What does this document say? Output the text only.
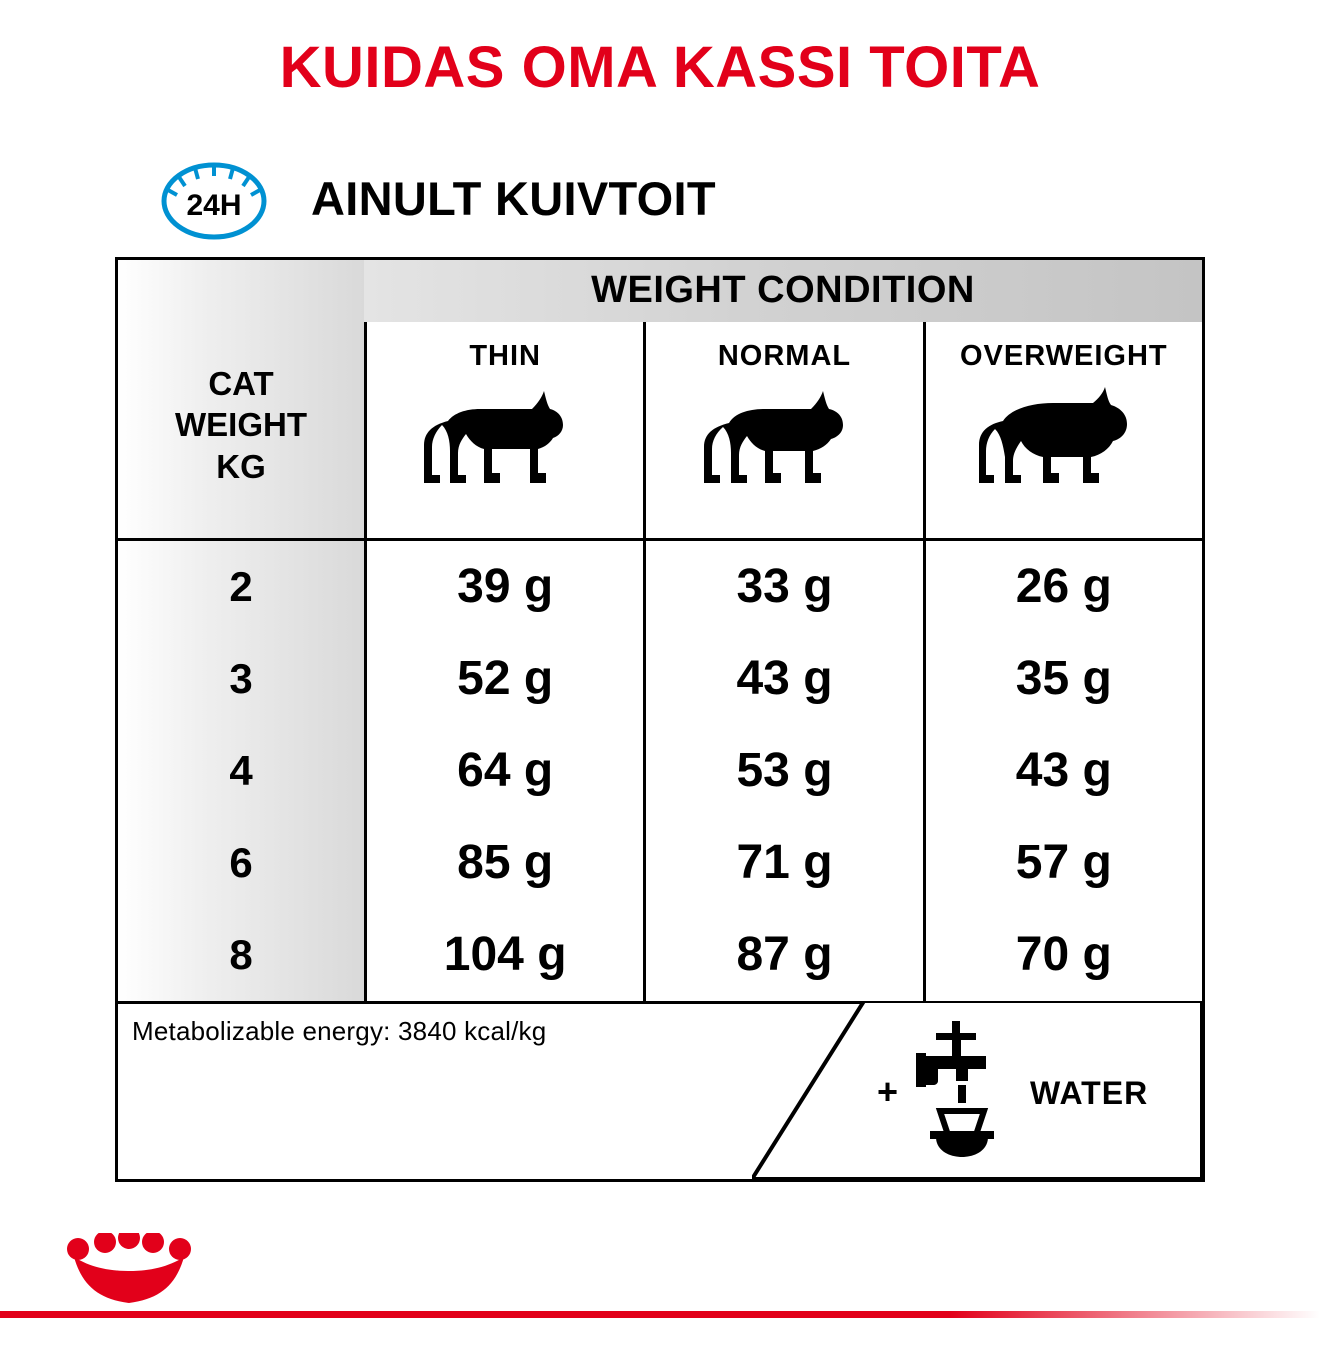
KUIDAS OMA KASSI TOITA
24H AINULT KUIVTOIT
WEIGHT CONDITION
CAT
WEIGHT
KG
THIN	NORMAL	OVERWEIGHT
2	39 g	33 g	26 g
3	52 g	43 g	35 g
4	64 g	53 g	43 g
6	85 g	71 g	57 g
8	104 g	87 g	70 g
Metabolizable energy: 3840 kcal/kg
+	WATER
